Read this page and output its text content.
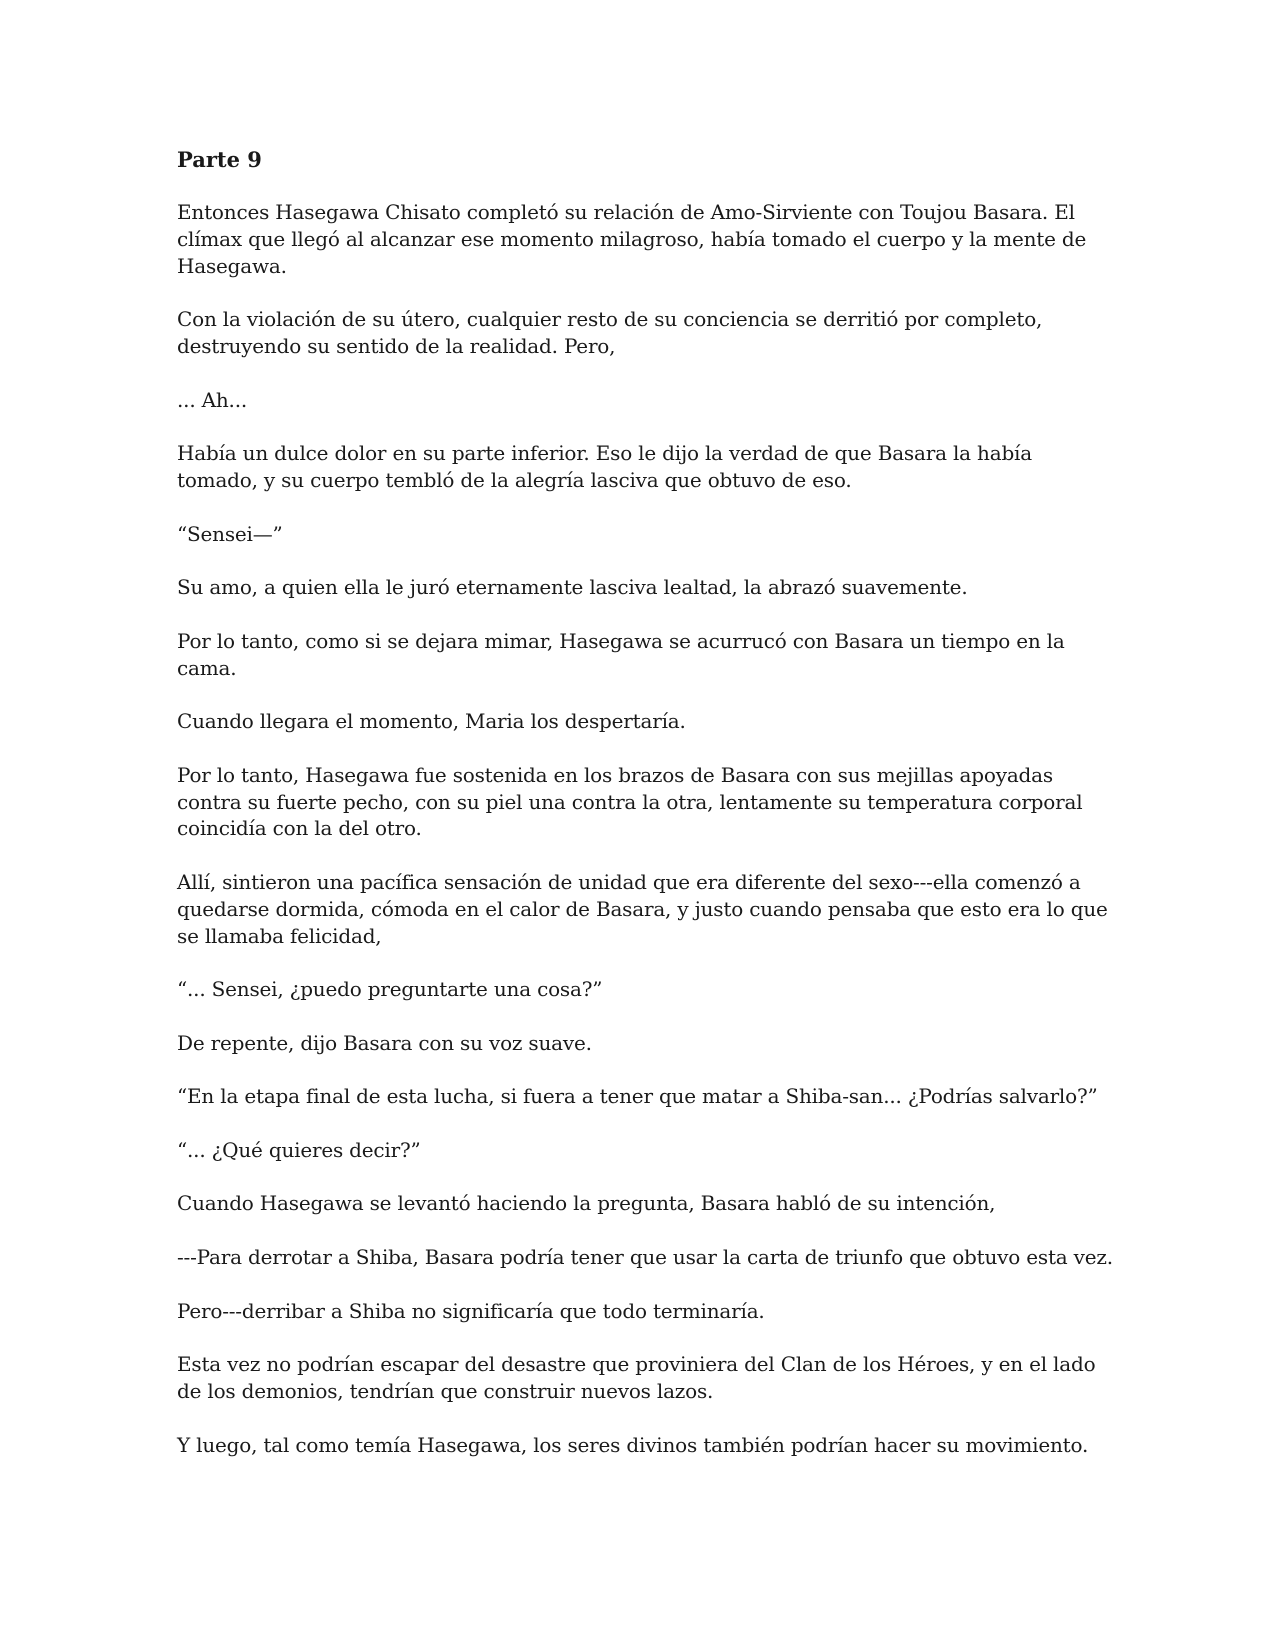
Parte 9

Entonces Hasegawa Chisato completó su relación de Amo-Sirviente con Toujou Basara. El clímax que llegó al alcanzar ese momento milagroso, había tomado el cuerpo y la mente de Hasegawa.

Con la violación de su útero, cualquier resto de su conciencia se derritió por completo, destruyendo su sentido de la realidad. Pero,

... Ah...

Había un dulce dolor en su parte inferior. Eso le dijo la verdad de que Basara la había tomado, y su cuerpo tembló de la alegría lasciva que obtuvo de eso.

“Sensei—”

Su amo, a quien ella le juró eternamente lasciva lealtad, la abrazó suavemente.

Por lo tanto, como si se dejara mimar, Hasegawa se acurrucó con Basara un tiempo en la cama.

Cuando llegara el momento, Maria los despertaría.

Por lo tanto, Hasegawa fue sostenida en los brazos de Basara con sus mejillas apoyadas contra su fuerte pecho, con su piel una contra la otra, lentamente su temperatura corporal coincidía con la del otro.

Allí, sintieron una pacífica sensación de unidad que era diferente del sexo---ella comenzó a quedarse dormida, cómoda en el calor de Basara, y justo cuando pensaba que esto era lo que se llamaba felicidad,

“... Sensei, ¿puedo preguntarte una cosa?”

De repente, dijo Basara con su voz suave.

“En la etapa final de esta lucha, si fuera a tener que matar a Shiba-san... ¿Podrías salvarlo?”

“... ¿Qué quieres decir?”

Cuando Hasegawa se levantó haciendo la pregunta, Basara habló de su intención,

---Para derrotar a Shiba, Basara podría tener que usar la carta de triunfo que obtuvo esta vez.

Pero---derribar a Shiba no significaría que todo terminaría.

Esta vez no podrían escapar del desastre que proviniera del Clan de los Héroes, y en el lado de los demonios, tendrían que construir nuevos lazos.

Y luego, tal como temía Hasegawa, los seres divinos también podrían hacer su movimiento.
